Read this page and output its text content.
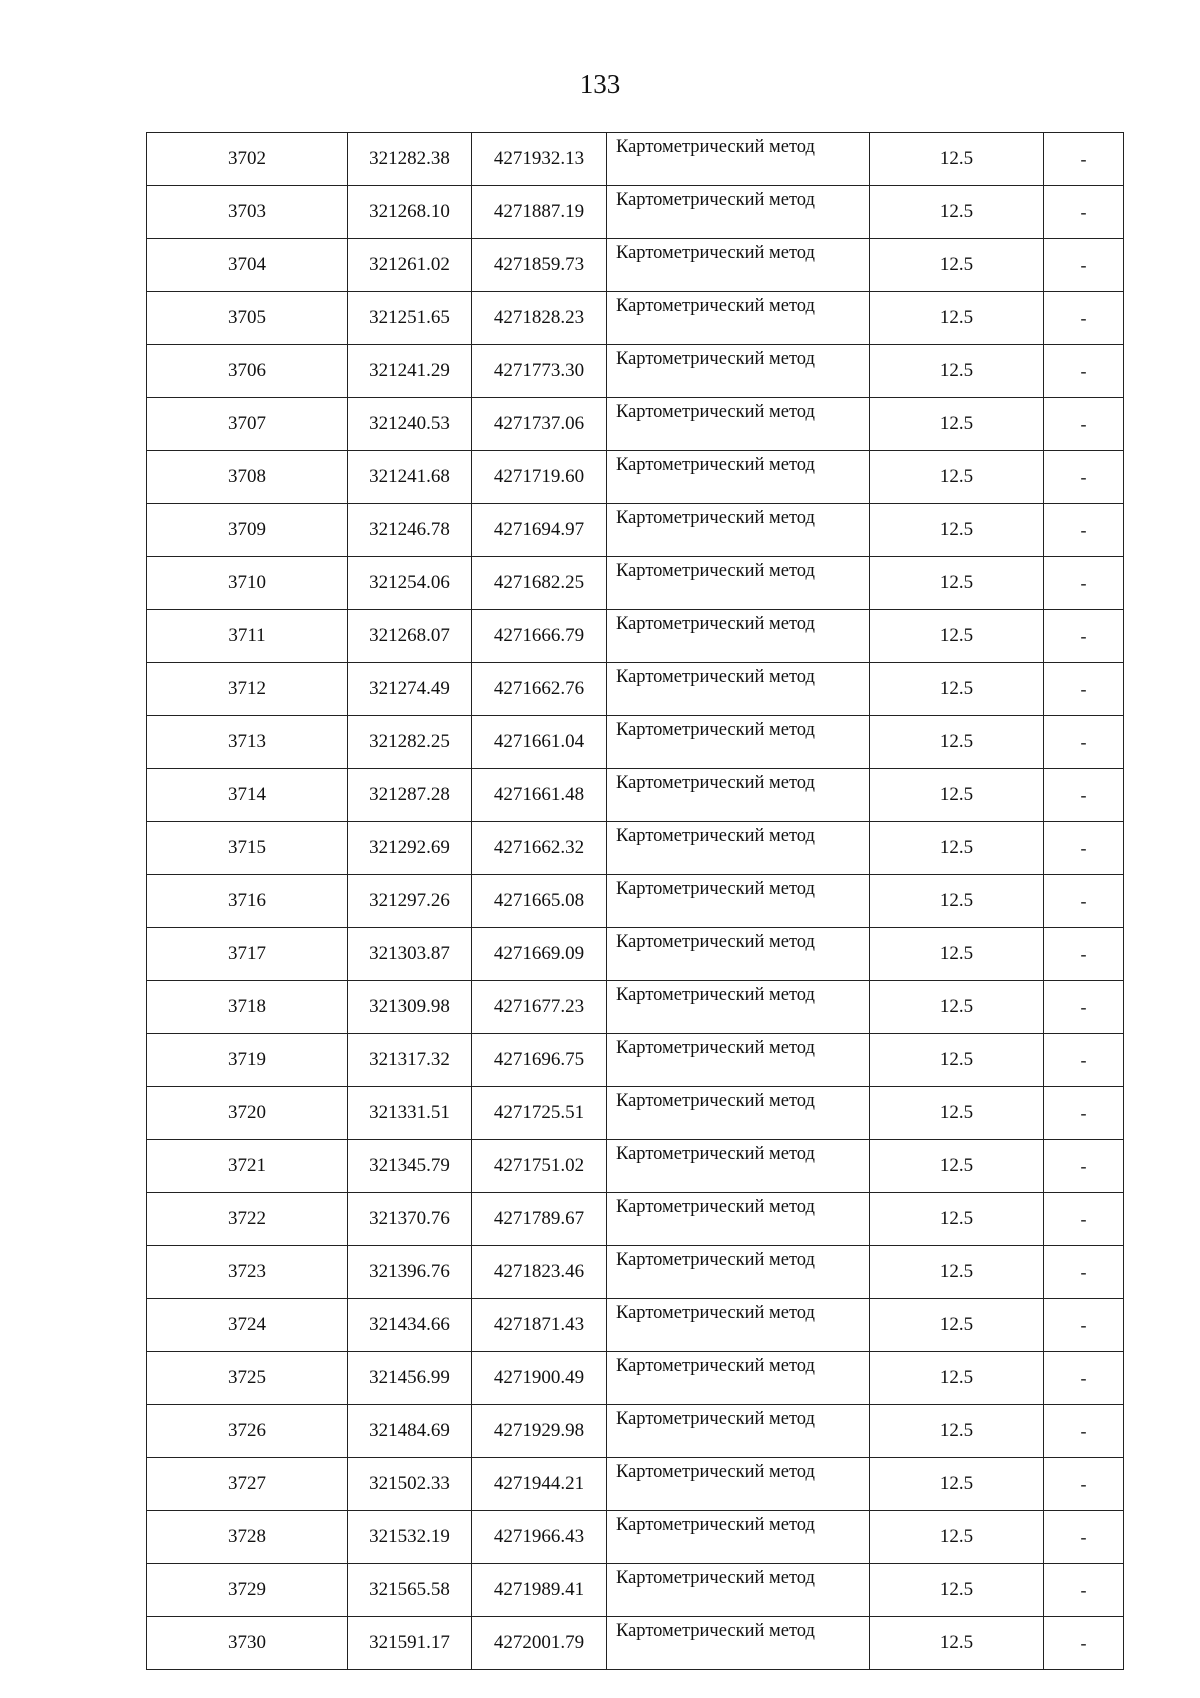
133
3702	321282.38	4271932.13	Картометрический метод	12.5	-
3703	321268.10	4271887.19	Картометрический метод	12.5	-
3704	321261.02	4271859.73	Картометрический метод	12.5	-
3705	321251.65	4271828.23	Картометрический метод	12.5	-
3706	321241.29	4271773.30	Картометрический метод	12.5	-
3707	321240.53	4271737.06	Картометрический метод	12.5	-
3708	321241.68	4271719.60	Картометрический метод	12.5	-
3709	321246.78	4271694.97	Картометрический метод	12.5	-
3710	321254.06	4271682.25	Картометрический метод	12.5	-
3711	321268.07	4271666.79	Картометрический метод	12.5	-
3712	321274.49	4271662.76	Картометрический метод	12.5	-
3713	321282.25	4271661.04	Картометрический метод	12.5	-
3714	321287.28	4271661.48	Картометрический метод	12.5	-
3715	321292.69	4271662.32	Картометрический метод	12.5	-
3716	321297.26	4271665.08	Картометрический метод	12.5	-
3717	321303.87	4271669.09	Картометрический метод	12.5	-
3718	321309.98	4271677.23	Картометрический метод	12.5	-
3719	321317.32	4271696.75	Картометрический метод	12.5	-
3720	321331.51	4271725.51	Картометрический метод	12.5	-
3721	321345.79	4271751.02	Картометрический метод	12.5	-
3722	321370.76	4271789.67	Картометрический метод	12.5	-
3723	321396.76	4271823.46	Картометрический метод	12.5	-
3724	321434.66	4271871.43	Картометрический метод	12.5	-
3725	321456.99	4271900.49	Картометрический метод	12.5	-
3726	321484.69	4271929.98	Картометрический метод	12.5	-
3727	321502.33	4271944.21	Картометрический метод	12.5	-
3728	321532.19	4271966.43	Картометрический метод	12.5	-
3729	321565.58	4271989.41	Картометрический метод	12.5	-
3730	321591.17	4272001.79	Картометрический метод	12.5	-
